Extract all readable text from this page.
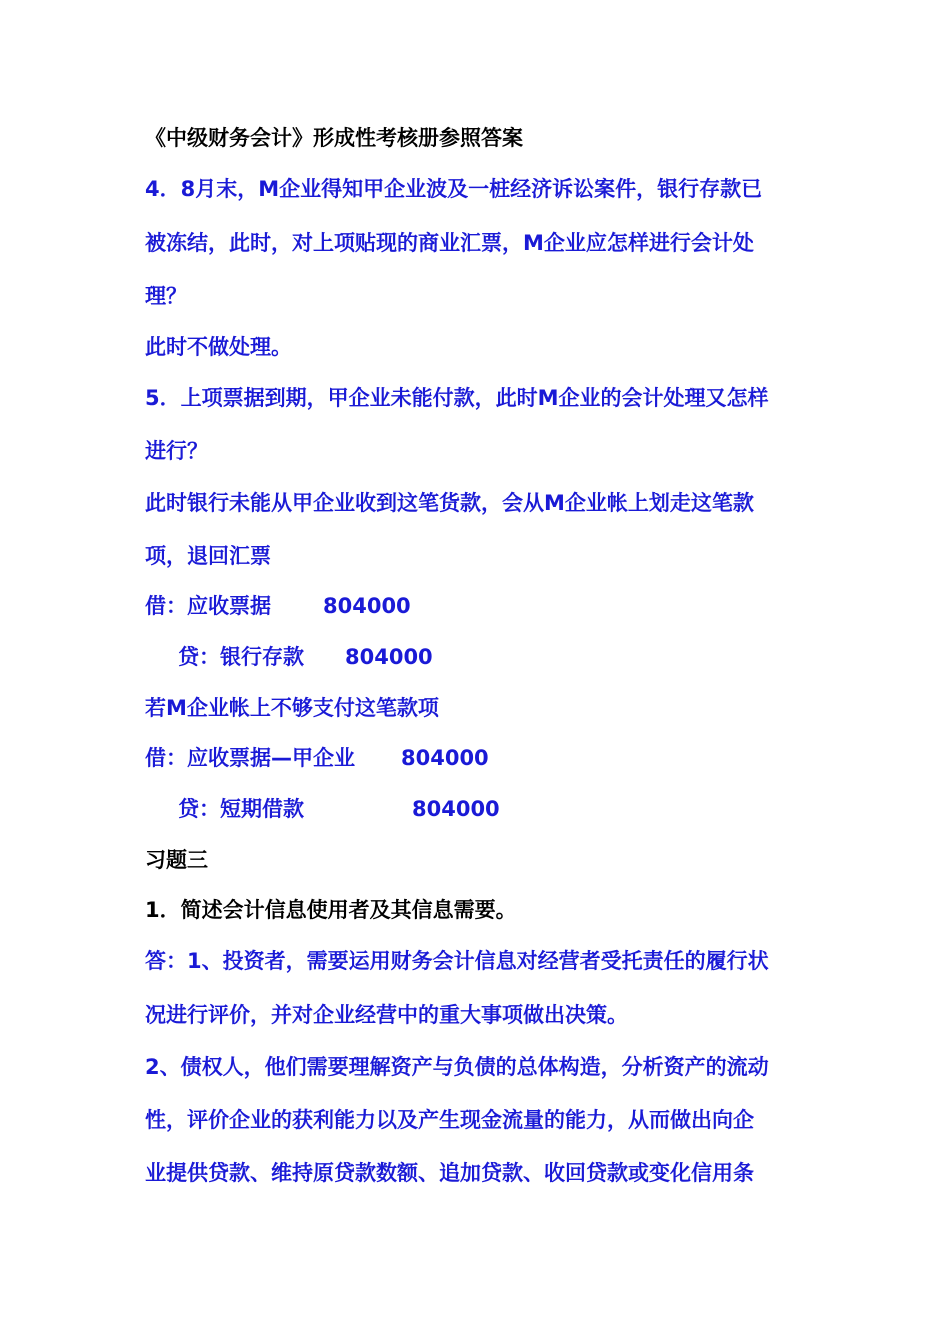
《中级财务会计》形成性考核册参照答案
4．8月末，M企业得知甲企业波及一桩经济诉讼案件，银行存款已
被冻结，此时，对上项贴现的商业汇票，M企业应怎样进行会计处
理？
此时不做处理。
5．上项票据到期，甲企业未能付款，此时M企业的会计处理又怎样
进行？
此时银行未能从甲企业收到这笔货款，会从M企业帐上划走这笔款
项，退回汇票
借：应收票据 804000
贷：银行存款 804000
若M企业帐上不够支付这笔款项
借：应收票据—甲企业 804000
贷：短期借款	804000
习题三
1．简述会计信息使用者及其信息需要。
答：1、投资者，需要运用财务会计信息对经营者受托责任的履行状
况进行评价，并对企业经营中的重大事项做出决策。
2、债权人，他们需要理解资产与负债的总体构造，分析资产的流动
性，评价企业的获利能力以及产生现金流量的能力，从而做出向企
业提供贷款、维持原贷款数额、追加贷款、收回贷款或变化信用条
